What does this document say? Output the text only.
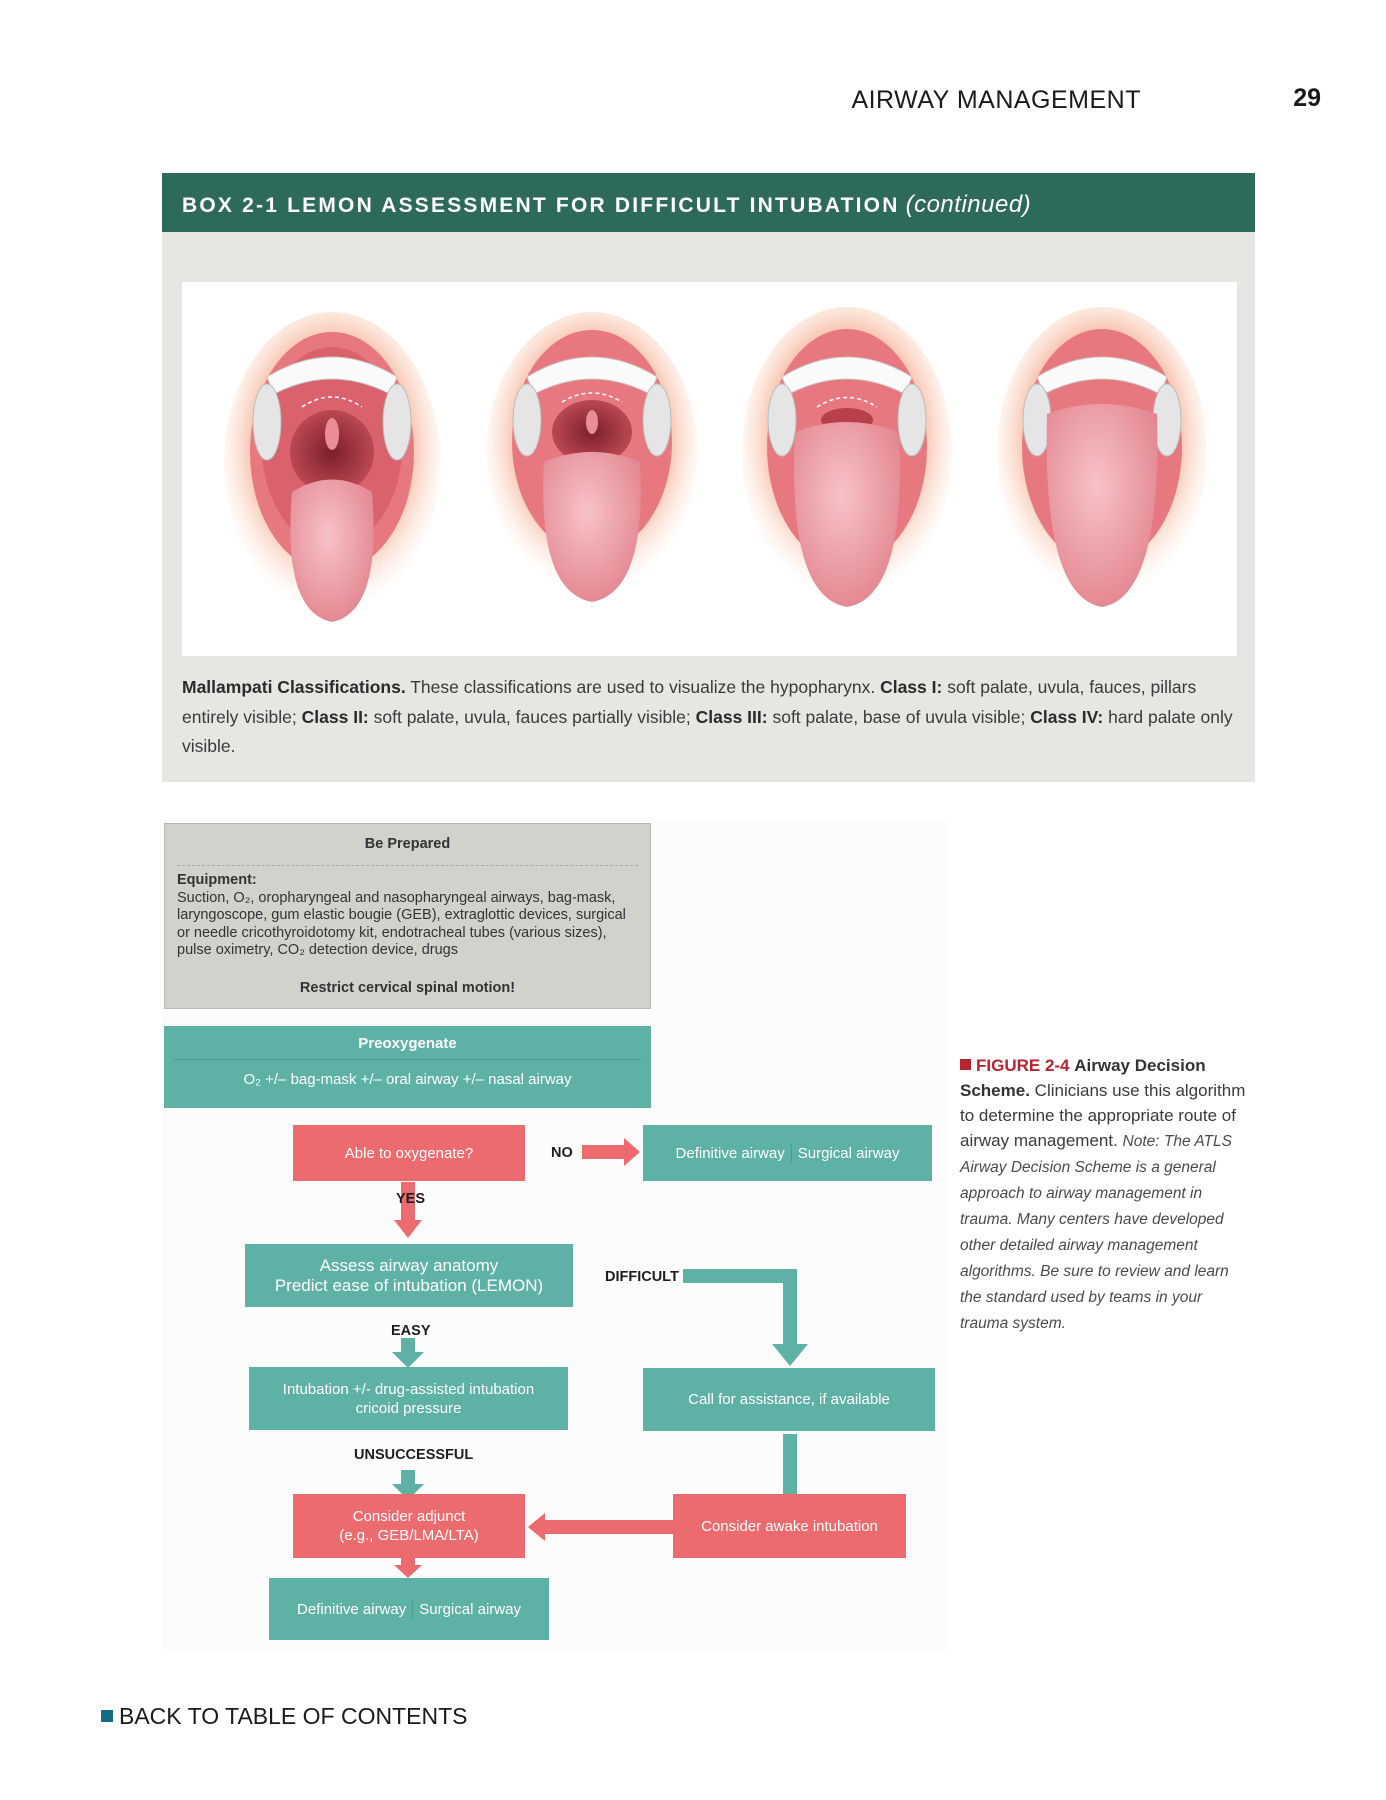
AIRWAY MANAGEMENT	29
BOX 2-1 LEMON ASSESSMENT FOR DIFFICULT INTUBATION (continued)
Mallampati Classifications. These classifications are used to visualize the hypopharynx. Class I: soft palate, uvula, fauces, pillars entirely visible; Class II: soft palate, uvula, fauces partially visible; Class III: soft palate, base of uvula visible; Class IV: hard palate only visible.
Be Prepared
Equipment:
Suction, O₂, oropharyngeal and nasopharyngeal airways, bag-mask, laryngoscope, gum elastic bougie (GEB), extraglottic devices, surgical or needle cricothyroidotomy kit, endotracheal tubes (various sizes), pulse oximetry, CO₂ detection device, drugs
Restrict cervical spinal motion!
Preoxygenate
O₂ +/– bag-mask +/– oral airway +/– nasal airway
Able to oxygenate?	NO
YES
Definitive airway Surgical airway
Assess airway anatomy
Predict ease of intubation (LEMON)	DIFFICULT
EASY
Intubation +/- drug-assisted intubation
cricoid pressure
UNSUCCESSFUL
Call for assistance, if available
Consider adjunct
(e.g., GEB/LMA/LTA)
Consider awake intubation
Definitive airway Surgical airway
FIGURE 2-4 Airway Decision Scheme. Clinicians use this algorithm to determine the appropriate route of airway management. Note: The ATLS Airway Decision Scheme is a general approach to airway management in trauma. Many centers have developed other detailed airway management algorithms. Be sure to review and learn the standard used by teams in your trauma system.
BACK TO TABLE OF CONTENTS
